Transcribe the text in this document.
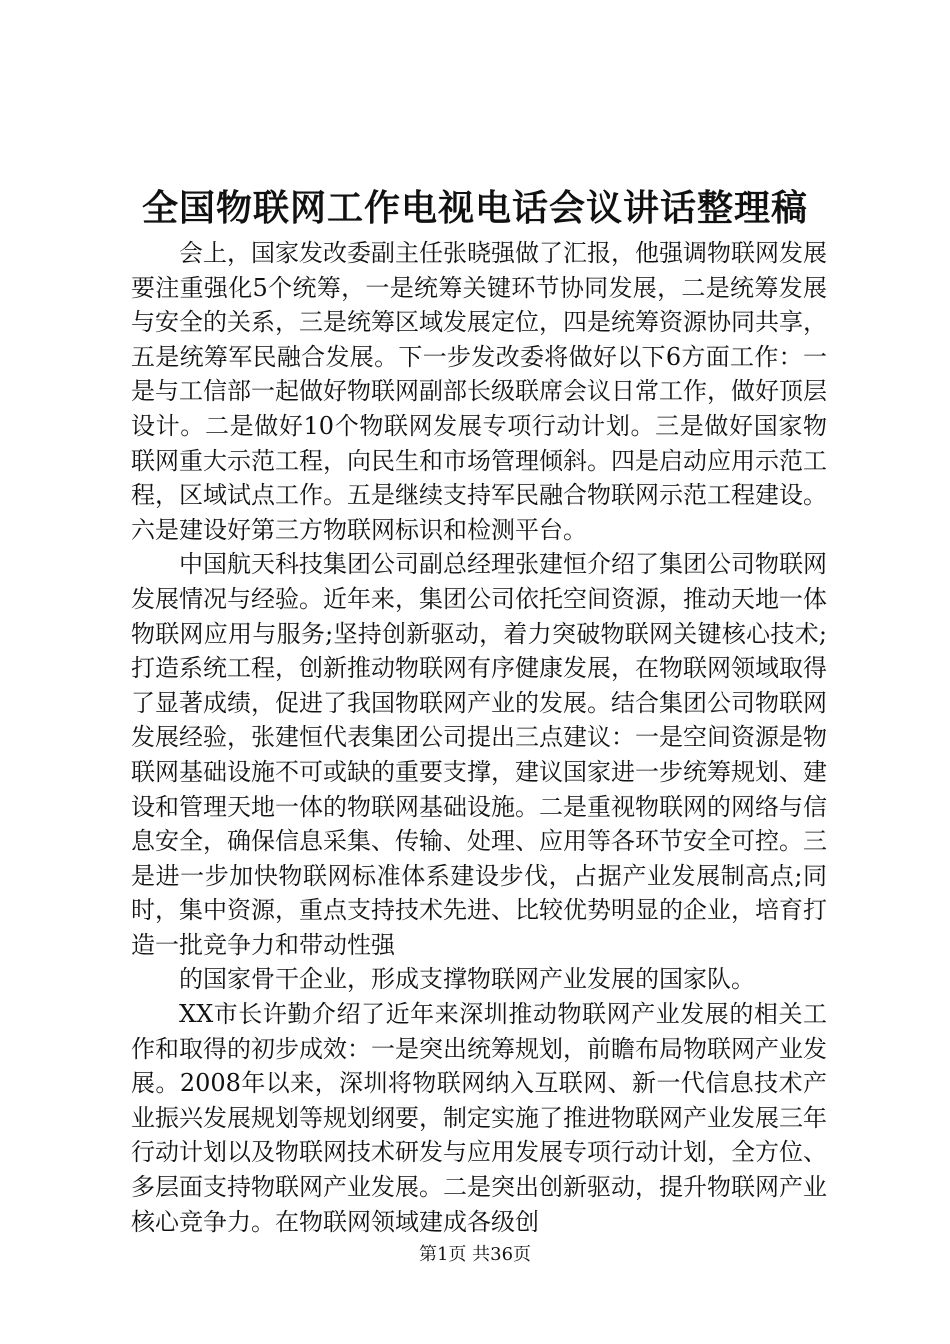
全国物联网工作电视电话会议讲话整理稿

会上，国家发改委副主任张晓强做了汇报，他强调物联网发展要注重强化5个统筹，一是统筹关键环节协同发展，二是统筹发展与安全的关系，三是统筹区域发展定位，四是统筹资源协同共享，五是统筹军民融合发展。下一步发改委将做好以下6方面工作：一是与工信部一起做好物联网副部长级联席会议日常工作，做好顶层设计。二是做好10个物联网发展专项行动计划。三是做好国家物联网重大示范工程，向民生和市场管理倾斜。四是启动应用示范工程，区域试点工作。五是继续支持军民融合物联网示范工程建设。六是建设好第三方物联网标识和检测平台。

中国航天科技集团公司副总经理张建恒介绍了集团公司物联网发展情况与经验。近年来，集团公司依托空间资源，推动天地一体物联网应用与服务;坚持创新驱动，着力突破物联网关键核心技术;打造系统工程，创新推动物联网有序健康发展，在物联网领域取得了显著成绩，促进了我国物联网产业的发展。结合集团公司物联网发展经验，张建恒代表集团公司提出三点建议：一是空间资源是物联网基础设施不可或缺的重要支撑，建议国家进一步统筹规划、建设和管理天地一体的物联网基础设施。二是重视物联网的网络与信息安全，确保信息采集、传输、处理、应用等各环节安全可控。三是进一步加快物联网标准体系建设步伐，占据产业发展制高点;同时，集中资源，重点支持技术先进、比较优势明显的企业，培育打造一批竞争力和带动性强

的国家骨干企业，形成支撑物联网产业发展的国家队。

XX市长许勤介绍了近年来深圳推动物联网产业发展的相关工作和取得的初步成效：一是突出统筹规划，前瞻布局物联网产业发展。2008年以来，深圳将物联网纳入互联网、新一代信息技术产业振兴发展规划等规划纲要，制定实施了推进物联网产业发展三年行动计划以及物联网技术研发与应用发展专项行动计划，全方位、多层面支持物联网产业发展。二是突出创新驱动，提升物联网产业核心竞争力。在物联网领域建成各级创

第1页 共36页
